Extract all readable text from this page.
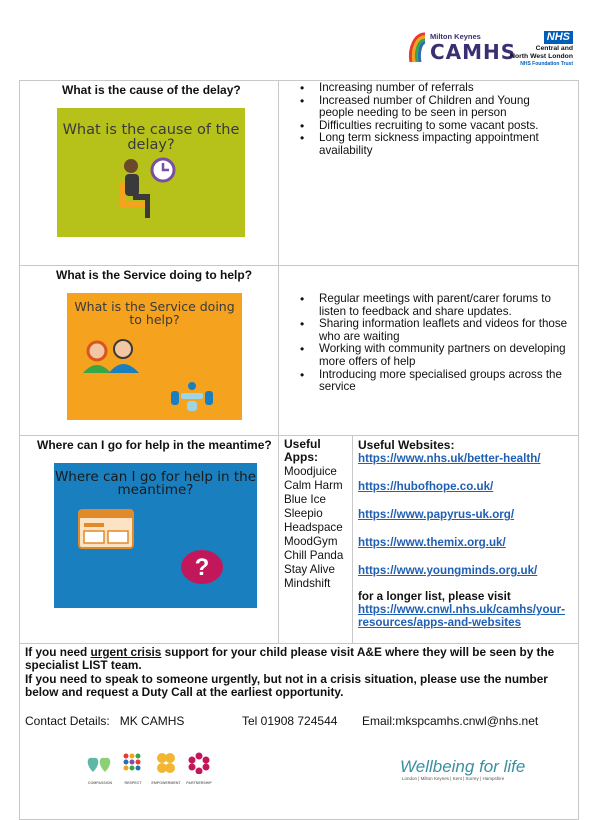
Milton Keynes
CAMHS
NHS
Central and
North West London
NHS Foundation Trust
What is the cause of the delay?
What is the cause of the delay?
• Increasing number of referrals
• Increased number of Children and Young people needing to be seen in person
• Difficulties recruiting to some vacant posts.
• Long term sickness impacting appointment availability
What is the Service doing to help?
What is the Service doing to help?
• Regular meetings with parent/carer forums to listen to feedback and share updates.
• Sharing information leaflets and videos for those who are waiting
• Working with community partners on developing more offers of help
• Introducing more specialised groups across the service
Where can I go for help in the meantime?
Where can I go for help in the meantime?
?
Useful Apps:
Moodjuice
Calm Harm
Blue Ice
Sleepio
Headspace
MoodGym
Chill Panda
Stay Alive
Mindshift
Useful Websites:
https://www.nhs.uk/better-health/
https://hubofhope.co.uk/
https://www.papyrus-uk.org/
https://www.themix.org.uk/
https://www.youngminds.org.uk/
for a longer list, please visit
https://www.cnwl.nhs.uk/camhs/your-resources/apps-and-websites
If you need urgent crisis support for your child please visit A&E where they will be seen by the specialist LIST team.
If you need to speak to someone urgently, but not in a crisis situation, please use the number below and request a Duty Call at the earliest opportunity.
Contact Details:   MK CAMHS	Tel 01908 724544 Email:mkspcamhs.cnwl@nhs.net
COMPASSION	RESPECT	EMPOWERMENT	PARTNERSHIP
Wellbeing for life
London | Milton Keynes | Kent | Surrey | Hampshire
